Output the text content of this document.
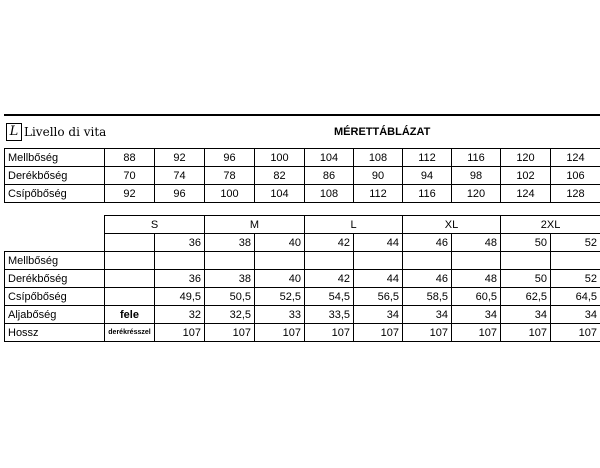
L Livello di vita	MÉRETTÁBLÁZAT
Mellbőség	88	92	96	100	104	108	112	116	120	124
Derékbőség	70	74	78	82	86	90	94	98	102	106
Csípőbőség	92	96	100	104	108	112	116	120	124	128
	S		M		L		XL		2XL	
		36	38	40	42	44	46	48	50	52
Mellbőség										
Derékbőség		36	38	40	42	44	46	48	50	52
Csípőbőség		49,5	50,5	52,5	54,5	56,5	58,5	60,5	62,5	64,5
Aljabőség	fele	32	32,5	33	33,5	34	34	34	34	34
Hossz	derékrésszel	107	107	107	107	107	107	107	107	107
